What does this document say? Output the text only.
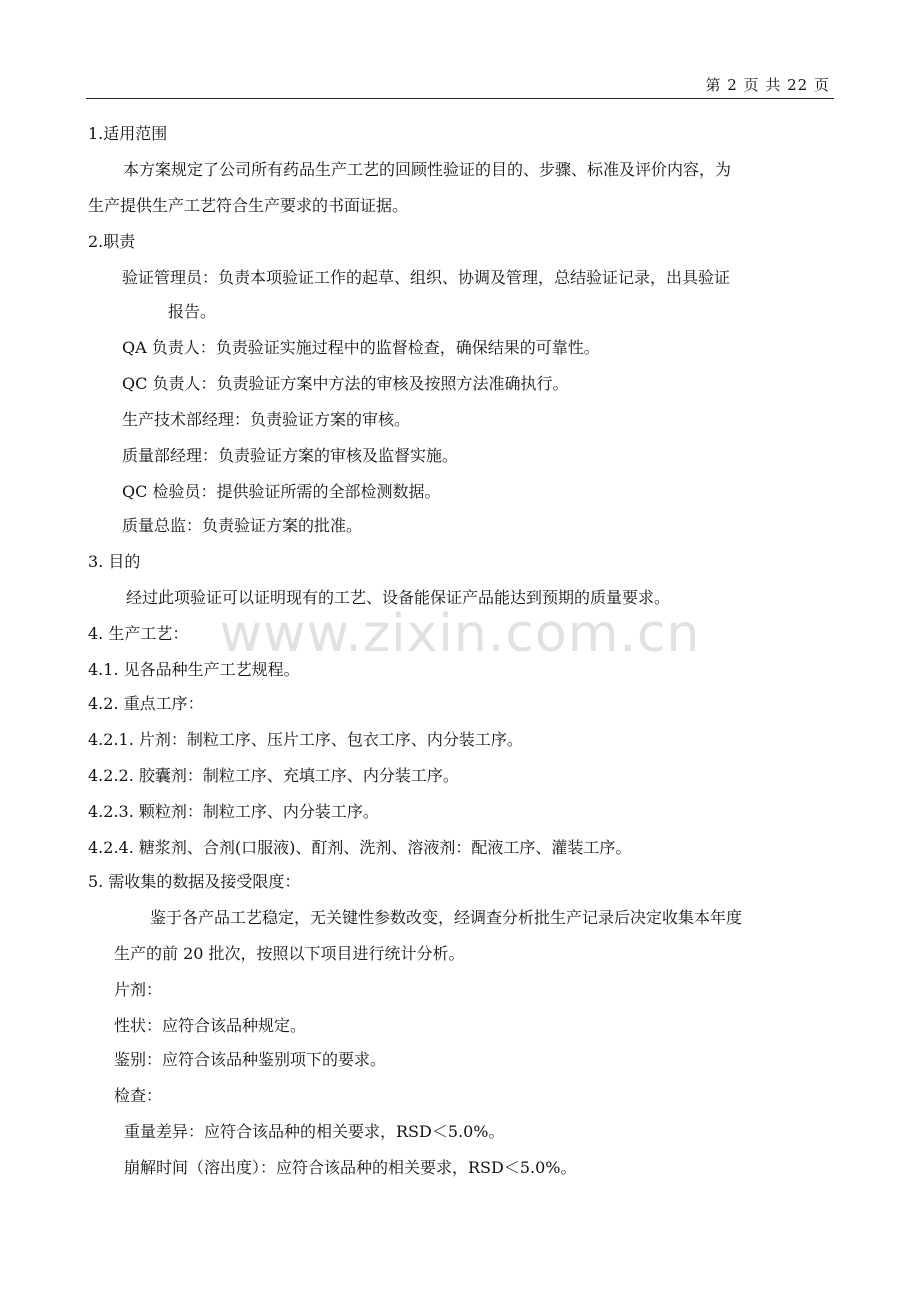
第 2 页 共 22 页
www.zixin.com.cn
1.适用范围
本方案规定了公司所有药品生产工艺的回顾性验证的目的、步骤、标准及评价内容，为
生产提供生产工艺符合生产要求的书面证据。
2.职责
验证管理员：负责本项验证工作的起草、组织、协调及管理，总结验证记录，出具验证
报告。
QA 负责人：负责验证实施过程中的监督检查，确保结果的可靠性。
QC 负责人：负责验证方案中方法的审核及按照方法准确执行。
生产技术部经理：负责验证方案的审核。
质量部经理：负责验证方案的审核及监督实施。
QC 检验员：提供验证所需的全部检测数据。
质量总监：负责验证方案的批准。
3. 目的
经过此项验证可以证明现有的工艺、设备能保证产品能达到预期的质量要求。
4. 生产工艺：
4.1. 见各品种生产工艺规程。
4.2. 重点工序：
4.2.1. 片剂：制粒工序、压片工序、包衣工序、内分装工序。
4.2.2. 胶囊剂：制粒工序、充填工序、内分装工序。
4.2.3. 颗粒剂：制粒工序、内分装工序。
4.2.4. 糖浆剂、合剂(口服液)、酊剂、洗剂、溶液剂：配液工序、灌装工序。
5. 需收集的数据及接受限度：
鉴于各产品工艺稳定，无关键性参数改变，经调查分析批生产记录后决定收集本年度
生产的前 20 批次，按照以下项目进行统计分析。
片剂：
性状：应符合该品种规定。
鉴别：应符合该品种鉴别项下的要求。
检查：
重量差异：应符合该品种的相关要求，RSD＜5.0%。
崩解时间（溶出度）：应符合该品种的相关要求，RSD＜5.0%。
